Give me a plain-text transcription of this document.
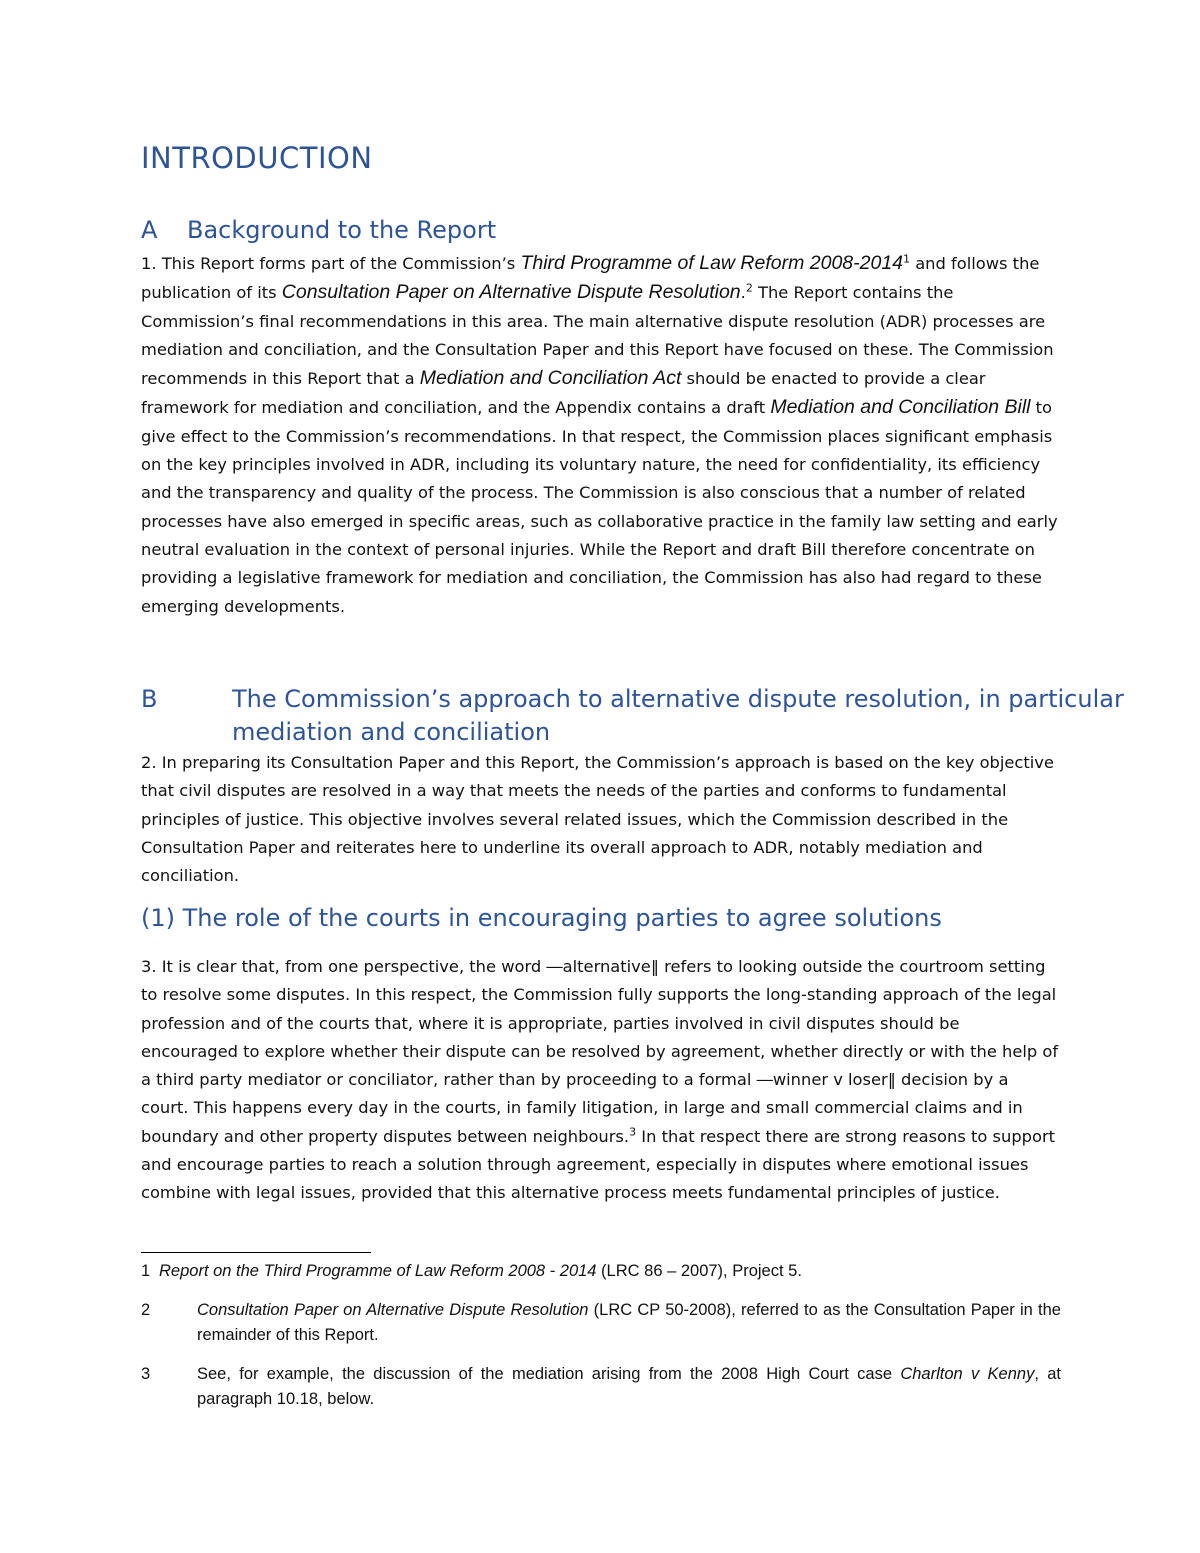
INTRODUCTION
A Background to the Report

1. This Report forms part of the Commission’s Third Programme of Law Reform 2008-2014$^1$ and follows the publication of its Consultation Paper on Alternative Dispute Resolution.$^2$ The Report contains the Commission’s final recommendations in this area. The main alternative dispute resolution (ADR) processes are mediation and conciliation, and the Consultation Paper and this Report have focused on these. The Commission recommends in this Report that a Mediation and Conciliation Act should be enacted to provide a clear framework for mediation and conciliation, and the Appendix contains a draft Mediation and Conciliation Bill to give effect to the Commission’s recommendations. In that respect, the Commission places significant emphasis on the key principles involved in ADR, including its voluntary nature, the need for confidentiality, its efficiency and the transparency and quality of the process. The Commission is also conscious that a number of related processes have also emerged in specific areas, such as collaborative practice in the family law setting and early neutral evaluation in the context of personal injuries. While the Report and draft Bill therefore concentrate on providing a legislative framework for mediation and conciliation, the Commission has also had regard to these emerging developments.

B	The Commission’s approach to alternative dispute resolution, in particular mediation and conciliation

2. In preparing its Consultation Paper and this Report, the Commission’s approach is based on the key objective that civil disputes are resolved in a way that meets the needs of the parties and conforms to fundamental principles of justice. This objective involves several related issues, which the Commission described in the Consultation Paper and reiterates here to underline its overall approach to ADR, notably mediation and conciliation.

(1) The role of the courts in encouraging parties to agree solutions

3. It is clear that, from one perspective, the word ―alternative‖ refers to looking outside the courtroom setting to resolve some disputes. In this respect, the Commission fully supports the long-standing approach of the legal profession and of the courts that, where it is appropriate, parties involved in civil disputes should be encouraged to explore whether their dispute can be resolved by agreement, whether directly or with the help of a third party mediator or conciliator, rather than by proceeding to a formal ―winner v loser‖ decision by a court. This happens every day in the courts, in family litigation, in large and small commercial claims and in boundary and other property disputes between neighbours.$^3$ In that respect there are strong reasons to support and encourage parties to reach a solution through agreement, especially in disputes where emotional issues combine with legal issues, provided that this alternative process meets fundamental principles of justice.

1 Report on the Third Programme of Law Reform 2008 - 2014 (LRC 86 – 2007), Project 5.

2	Consultation Paper on Alternative Dispute Resolution (LRC CP 50-2008), referred to as the Consultation Paper in the remainder of this Report.

3	See, for example, the discussion of the mediation arising from the 2008 High Court case Charlton v Kenny, at paragraph 10.18, below.
